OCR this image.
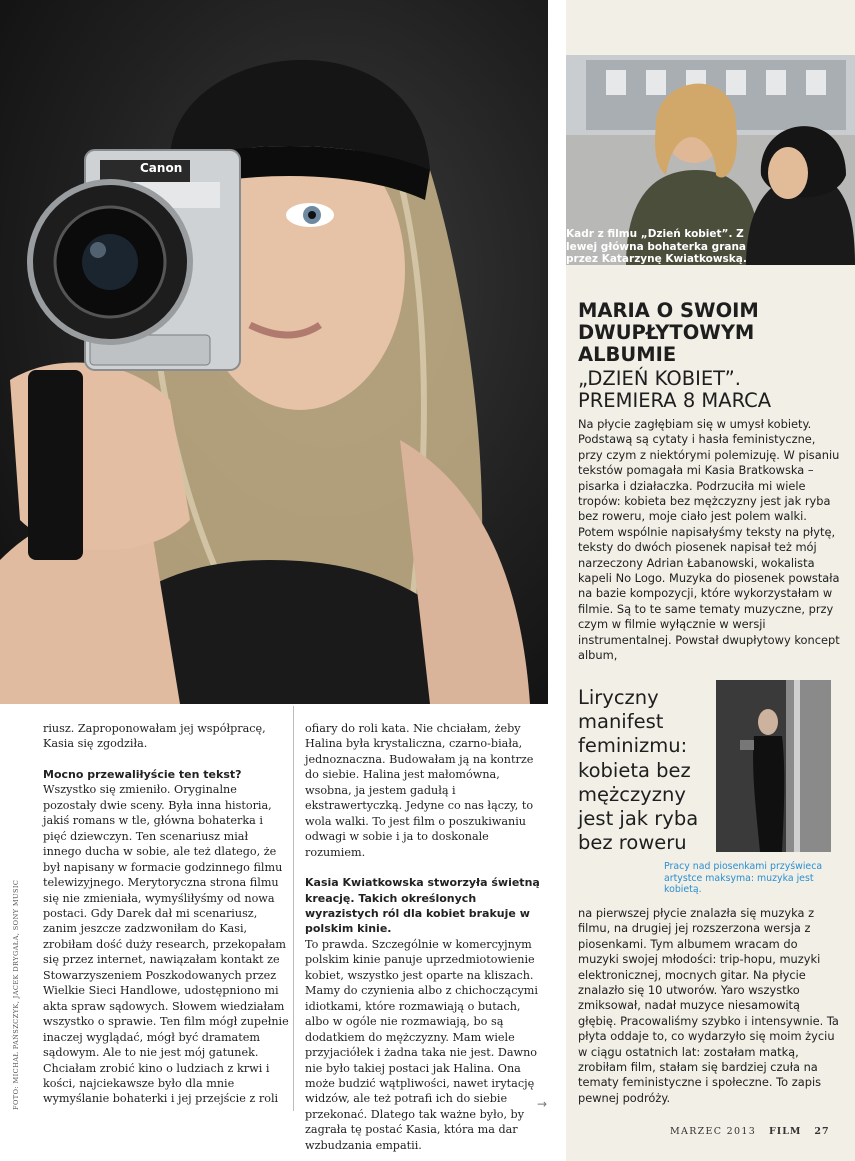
Canon
Kadr z filmu „Dzień kobiet”. Z lewej główna bohaterka grana przez Katarzynę Kwiatkowską.
MARIA O SWOIM DWUPŁYTOWYM ALBUMIE
„DZIEŃ KOBIET”. PREMIERA 8 MARCA
Na płycie zagłębiam się w umysł kobiety. Podstawą są cytaty i hasła feministyczne, przy czym z niektórymi polemizuję. W pisaniu tekstów pomagała mi Kasia Bratkowska – pisarka i działaczka. Podrzuciła mi wiele tropów: kobieta bez mężczyzny jest jak ryba bez roweru, moje ciało jest polem walki. Potem wspólnie napisałyśmy teksty na płytę, teksty do dwóch piosenek napisał też mój narzeczony Adrian Łabanowski, wokalista kapeli No Logo. Muzyka do piosenek powstała na bazie kompozycji, które wykorzystałam w filmie. Są to te same tematy muzyczne, przy czym w filmie wyłącznie w wersji instrumentalnej. Powstał dwupłytowy koncept album,
Liryczny manifest feminizmu: kobieta bez mężczyzny jest jak ryba bez roweru
Pracy nad piosenkami przyświeca artystce maksyma: muzyka jest kobietą.
na pierwszej płycie znalazła się muzyka z filmu, na drugiej jej rozszerzona wersja z piosenkami. Tym albumem wracam do muzyki swojej młodości: trip-hopu, muzyki elektronicznej, mocnych gitar. Na płycie znalazło się 10 utworów. Yaro wszystko zmiksował, nadał muzyce niesamowitą głębię. Pracowaliśmy szybko i intensywnie. Ta płyta oddaje to, co wydarzyło się moim życiu w ciągu ostatnich lat: zostałam matką, zrobiłam film, stałam się bardziej czuła na tematy feministyczne i społeczne. To zapis pewnej podróży.

riusz. Zaproponowałam jej współpracę, Kasia się zgodziła.

Mocno przewaliłyście ten tekst?

Wszystko się zmieniło. Oryginalne pozostały dwie sceny. Była inna historia, jakiś romans w tle, główna bohaterka i pięć dziewczyn. Ten scenariusz miał innego ducha w sobie, ale też dlatego, że był napisany w formacie godzinnego filmu telewizyjnego. Merytoryczna strona filmu się nie zmieniała, wymyśliłyśmy od nowa postaci. Gdy Darek dał mi scenariusz, zanim jeszcze zadzwoniłam do Kasi, zrobiłam dość duży research, przekopałam się przez internet, nawiązałam kontakt ze Stowarzyszeniem Poszkodowanych przez Wielkie Sieci Handlowe, udostępniono mi akta spraw sądowych. Słowem wiedziałam wszystko o sprawie. Ten film mógł zupełnie inaczej wyglądać, mógł być dramatem sądowym. Ale to nie jest mój gatunek. Chciałam zrobić kino o ludziach z krwi i kości, najciekawsze było dla mnie wymyślanie bohaterki i jej przejście z roli

ofiary do roli kata. Nie chciałam, żeby Halina była krystaliczna, czarno-biała, jednoznaczna. Budowałam ją na kontrze do siebie. Halina jest małomówna, wsobna, ja jestem gadułą i ekstrawertyczką. Jedyne co nas łączy, to wola walki. To jest film o poszukiwaniu odwagi w sobie i ja to doskonale rozumiem.

Kasia Kwiatkowska stworzyła świetną kreację. Takich określonych wyrazistych ról dla kobiet brakuje w polskim kinie.

To prawda. Szczególnie w komercyjnym polskim kinie panuje uprzedmiotowienie kobiet, wszystko jest oparte na kliszach. Mamy do czynienia albo z chichoczącymi idiotkami, które rozmawiają o butach, albo w ogóle nie rozmawiają, bo są dodatkiem do mężczyzny. Mam wiele przyjaciółek i żadna taka nie jest. Dawno nie było takiej postaci jak Halina. Ona może budzić wątpliwości, nawet irytację widzów, ale też potrafi ich do siebie przekonać. Dlatego tak ważne było, by zagrała tę postać Kasia, która ma dar wzbudzania empatii.

→
FOTO: MICHAŁ PAŃSZCZYK, JACEK DRYGAŁA, SONY MUSIC
MARZEC 2013 FILM 27
